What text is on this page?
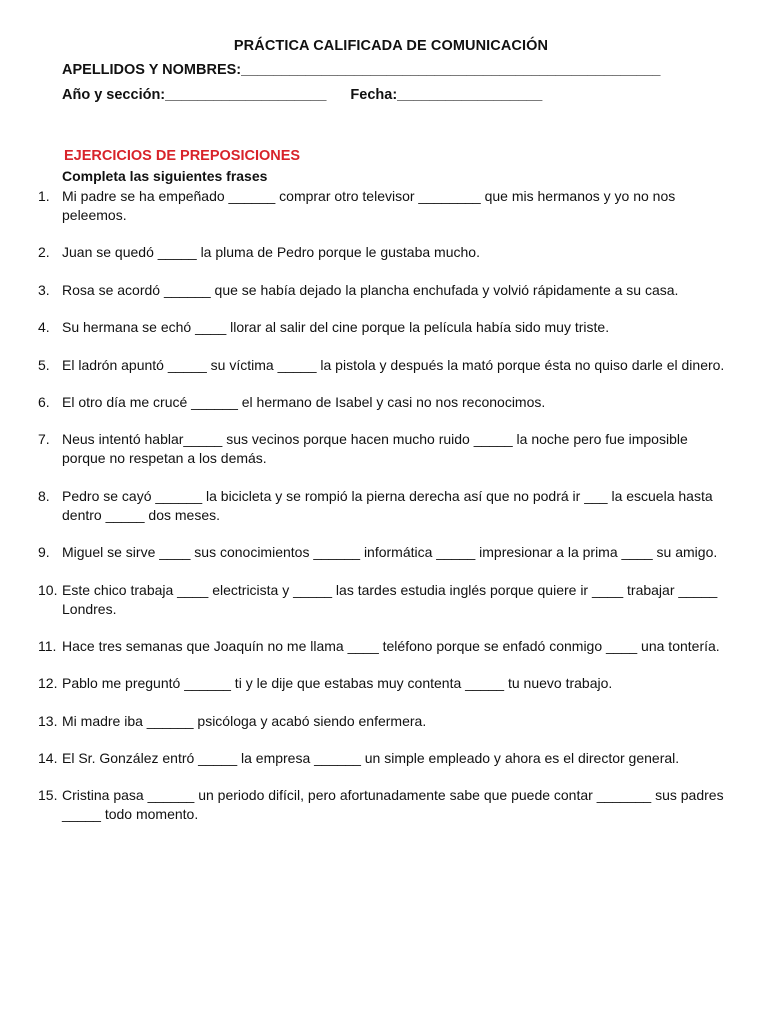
PRÁCTICA CALIFICADA DE COMUNICACIÓN
APELLIDOS Y NOMBRES:____________________________________________________
Año y sección:____________________ Fecha:__________________
EJERCICIOS DE PREPOSICIONES
Completa las siguientes frases
1. Mi padre se ha empeñado ______ comprar otro televisor ________ que mis hermanos y yo no nos peleemos.
2. Juan se quedó _____ la pluma de Pedro porque le gustaba mucho.
3. Rosa se acordó ______ que se había dejado la plancha enchufada y volvió rápidamente a su casa.
4. Su hermana se echó ____ llorar al salir del cine porque la película había sido muy triste.
5. El ladrón apuntó _____ su víctima _____ la pistola y después la mató porque ésta no quiso darle el dinero.
6. El otro día me crucé ______ el hermano de Isabel y casi no nos reconocimos.
7. Neus intentó hablar_____ sus vecinos porque hacen mucho ruido _____ la noche pero fue imposible porque no respetan a los demás.
8. Pedro se cayó ______ la bicicleta y se rompió la pierna derecha así que no podrá ir ___ la escuela hasta dentro _____ dos meses.
9. Miguel se sirve ____ sus conocimientos ______ informática _____ impresionar a la prima ____ su amigo.
10. Este chico trabaja ____ electricista y _____ las tardes estudia inglés porque quiere ir ____ trabajar _____ Londres.
11. Hace tres semanas que Joaquín no me llama ____ teléfono porque se enfadó conmigo ____ una tontería.
12. Pablo me preguntó ______ ti y le dije que estabas muy contenta _____ tu nuevo trabajo.
13. Mi madre iba ______ psicóloga y acabó siendo enfermera.
14. El Sr. González entró _____ la empresa ______ un simple empleado y ahora es el director general.
15. Cristina pasa ______ un periodo difícil, pero afortunadamente sabe que puede contar _______ sus padres _____ todo momento.
